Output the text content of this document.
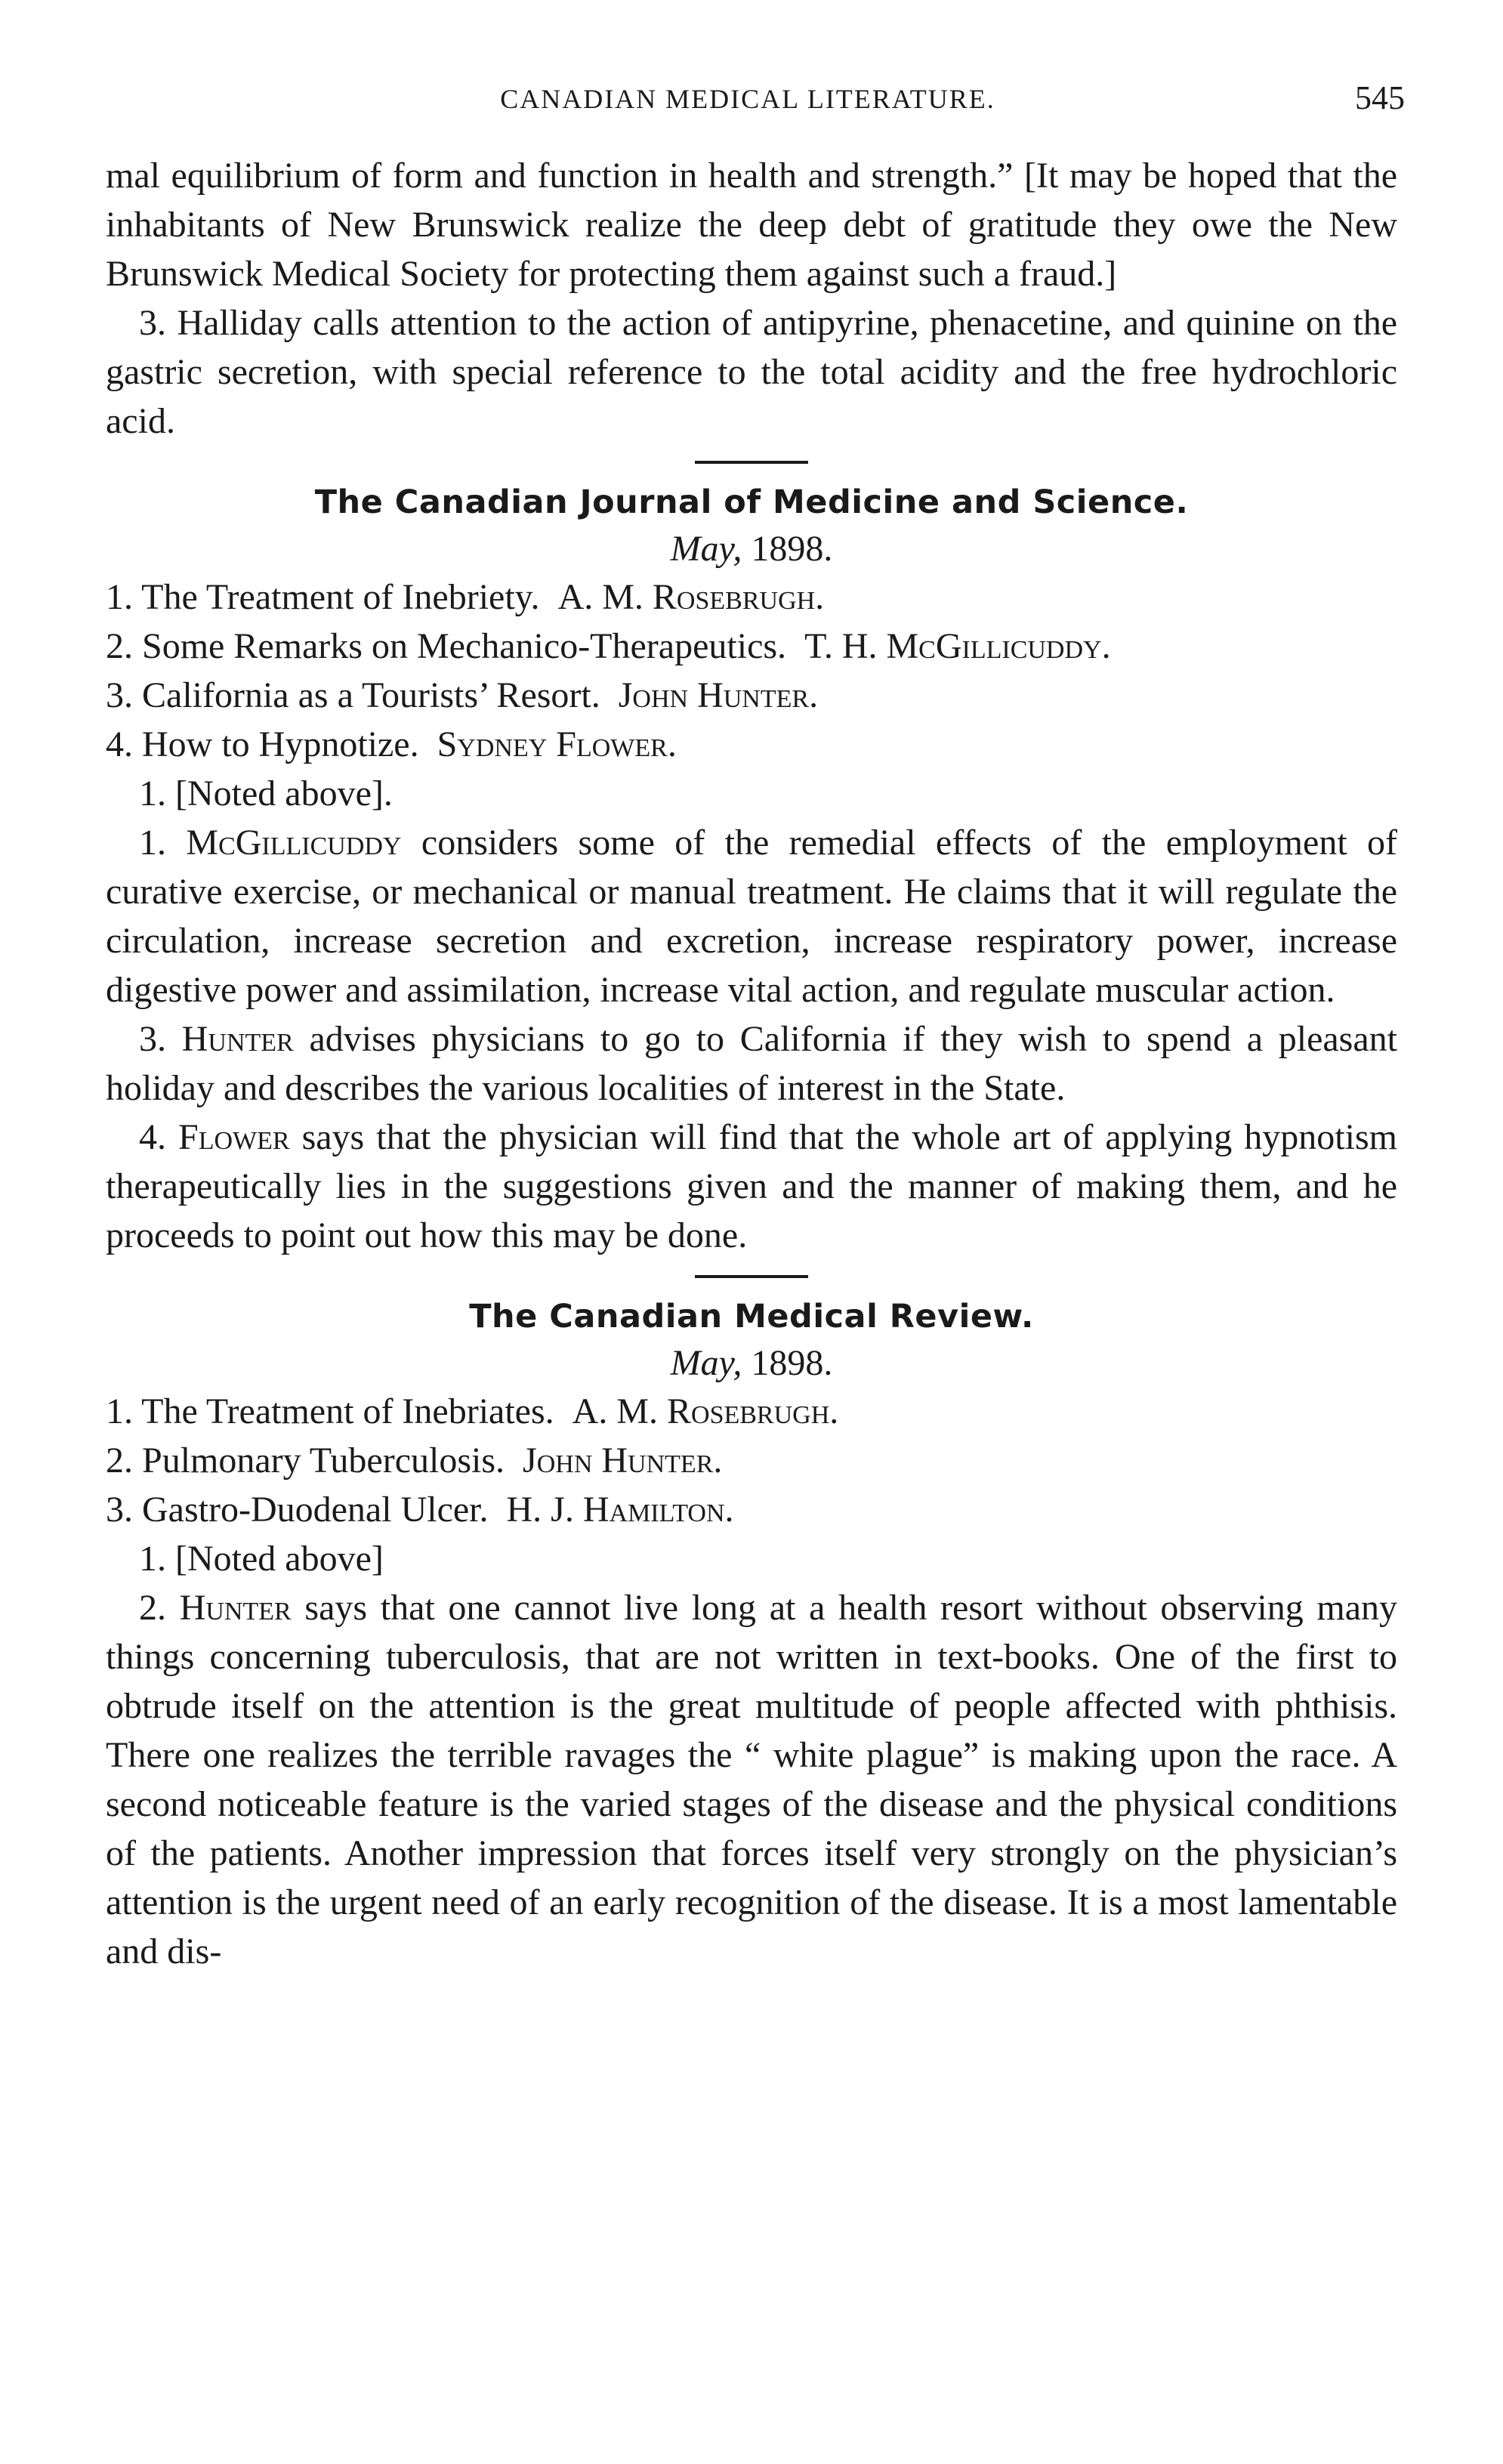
CANADIAN MEDICAL LITERATURE.	545

mal equilibrium of form and function in health and strength.” [It may be hoped that the inhabitants of New Brunswick realize the deep debt of gratitude they owe the New Brunswick Medical Society for protecting them against such a fraud.]

3. Halliday calls attention to the action of antipyrine, phenacetine, and quinine on the gastric secretion, with special reference to the total acidity and the free hydrochloric acid.

The Canadian Journal of Medicine and Science.
May, 1898.

1. The Treatment of Inebriety. A. M. Rosebrugh.

2. Some Remarks on Mechanico-Therapeutics. T. H. McGillicuddy.

3. California as a Tourists’ Resort. John Hunter.

4. How to Hypnotize. Sydney Flower.

1. [Noted above].

1. McGillicuddy considers some of the remedial effects of the employment of curative exercise, or mechanical or manual treatment. He claims that it will regulate the circulation, increase secretion and excretion, increase respiratory power, increase digestive power and assimilation, increase vital action, and regulate muscular action.

3. Hunter advises physicians to go to California if they wish to spend a pleasant holiday and describes the various localities of interest in the State.

4. Flower says that the physician will find that the whole art of applying hypnotism therapeutically lies in the suggestions given and the manner of making them, and he proceeds to point out how this may be done.

The Canadian Medical Review.
May, 1898.

1. The Treatment of Inebriates. A. M. Rosebrugh.

2. Pulmonary Tuberculosis. John Hunter.

3. Gastro-Duodenal Ulcer. H. J. Hamilton.

1. [Noted above]

2. Hunter says that one cannot live long at a health resort without observing many things concerning tuberculosis, that are not written in text-books. One of the first to obtrude itself on the attention is the great multitude of people affected with phthisis. There one realizes the terrible ravages the “ white plague” is making upon the race. A second noticeable feature is the varied stages of the disease and the physical conditions of the patients. Another impression that forces itself very strongly on the physician’s attention is the urgent need of an early recognition of the disease. It is a most lamentable and dis-
